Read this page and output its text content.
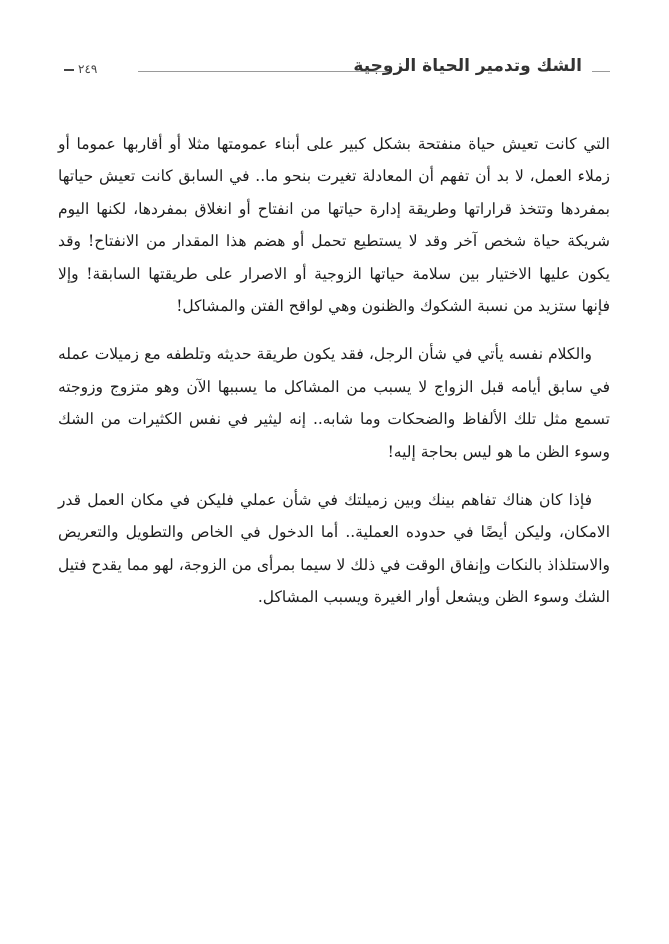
الشك وتدمير الحياة الزوجية
٢٤٩

التي كانت تعيش حياة منفتحة بشكل كبير على أبناء عمومتها مثلا أو أقاربها عموما أو زملاء العمل، لا بد أن تفهم أن المعادلة تغيرت بنحو ما.. في السابق كانت تعيش حياتها بمفردها وتتخذ قراراتها وطريقة إدارة حياتها من انفتاح أو انغلاق بمفردها، لكنها اليوم شريكة حياة شخص آخر وقد لا يستطيع تحمل أو هضم هذا المقدار من الانفتاح! وقد يكون عليها الاختيار بين سلامة حياتها الزوجية أو الاصرار على طريقتها السابقة! وإلا فإنها ستزيد من نسبة الشكوك والظنون وهي لواقح الفتن والمشاكل!

والكلام نفسه يأتي في شأن الرجل، فقد يكون طريقة حديثه وتلطفه مع زميلات عمله في سابق أيامه قبل الزواج لا يسبب من المشاكل ما يسببها الآن وهو متزوج وزوجته تسمع مثل تلك الألفاظ والضحكات وما شابه.. إنه ليثير في نفس الكثيرات من الشك وسوء الظن ما هو ليس بحاجة إليه!

فإذا كان هناك تفاهم بينك وبين زميلتك في شأن عملي فليكن في مكان العمل قدر الامكان، وليكن أيضًا في حدوده العملية.. أما الدخول في الخاص والتطويل والتعريض والاستلذاذ بالنكات وإنفاق الوقت في ذلك لا سيما بمرأى من الزوجة، لهو مما يقدح فتيل الشك وسوء الظن ويشعل أوار الغيرة ويسبب المشاكل.
